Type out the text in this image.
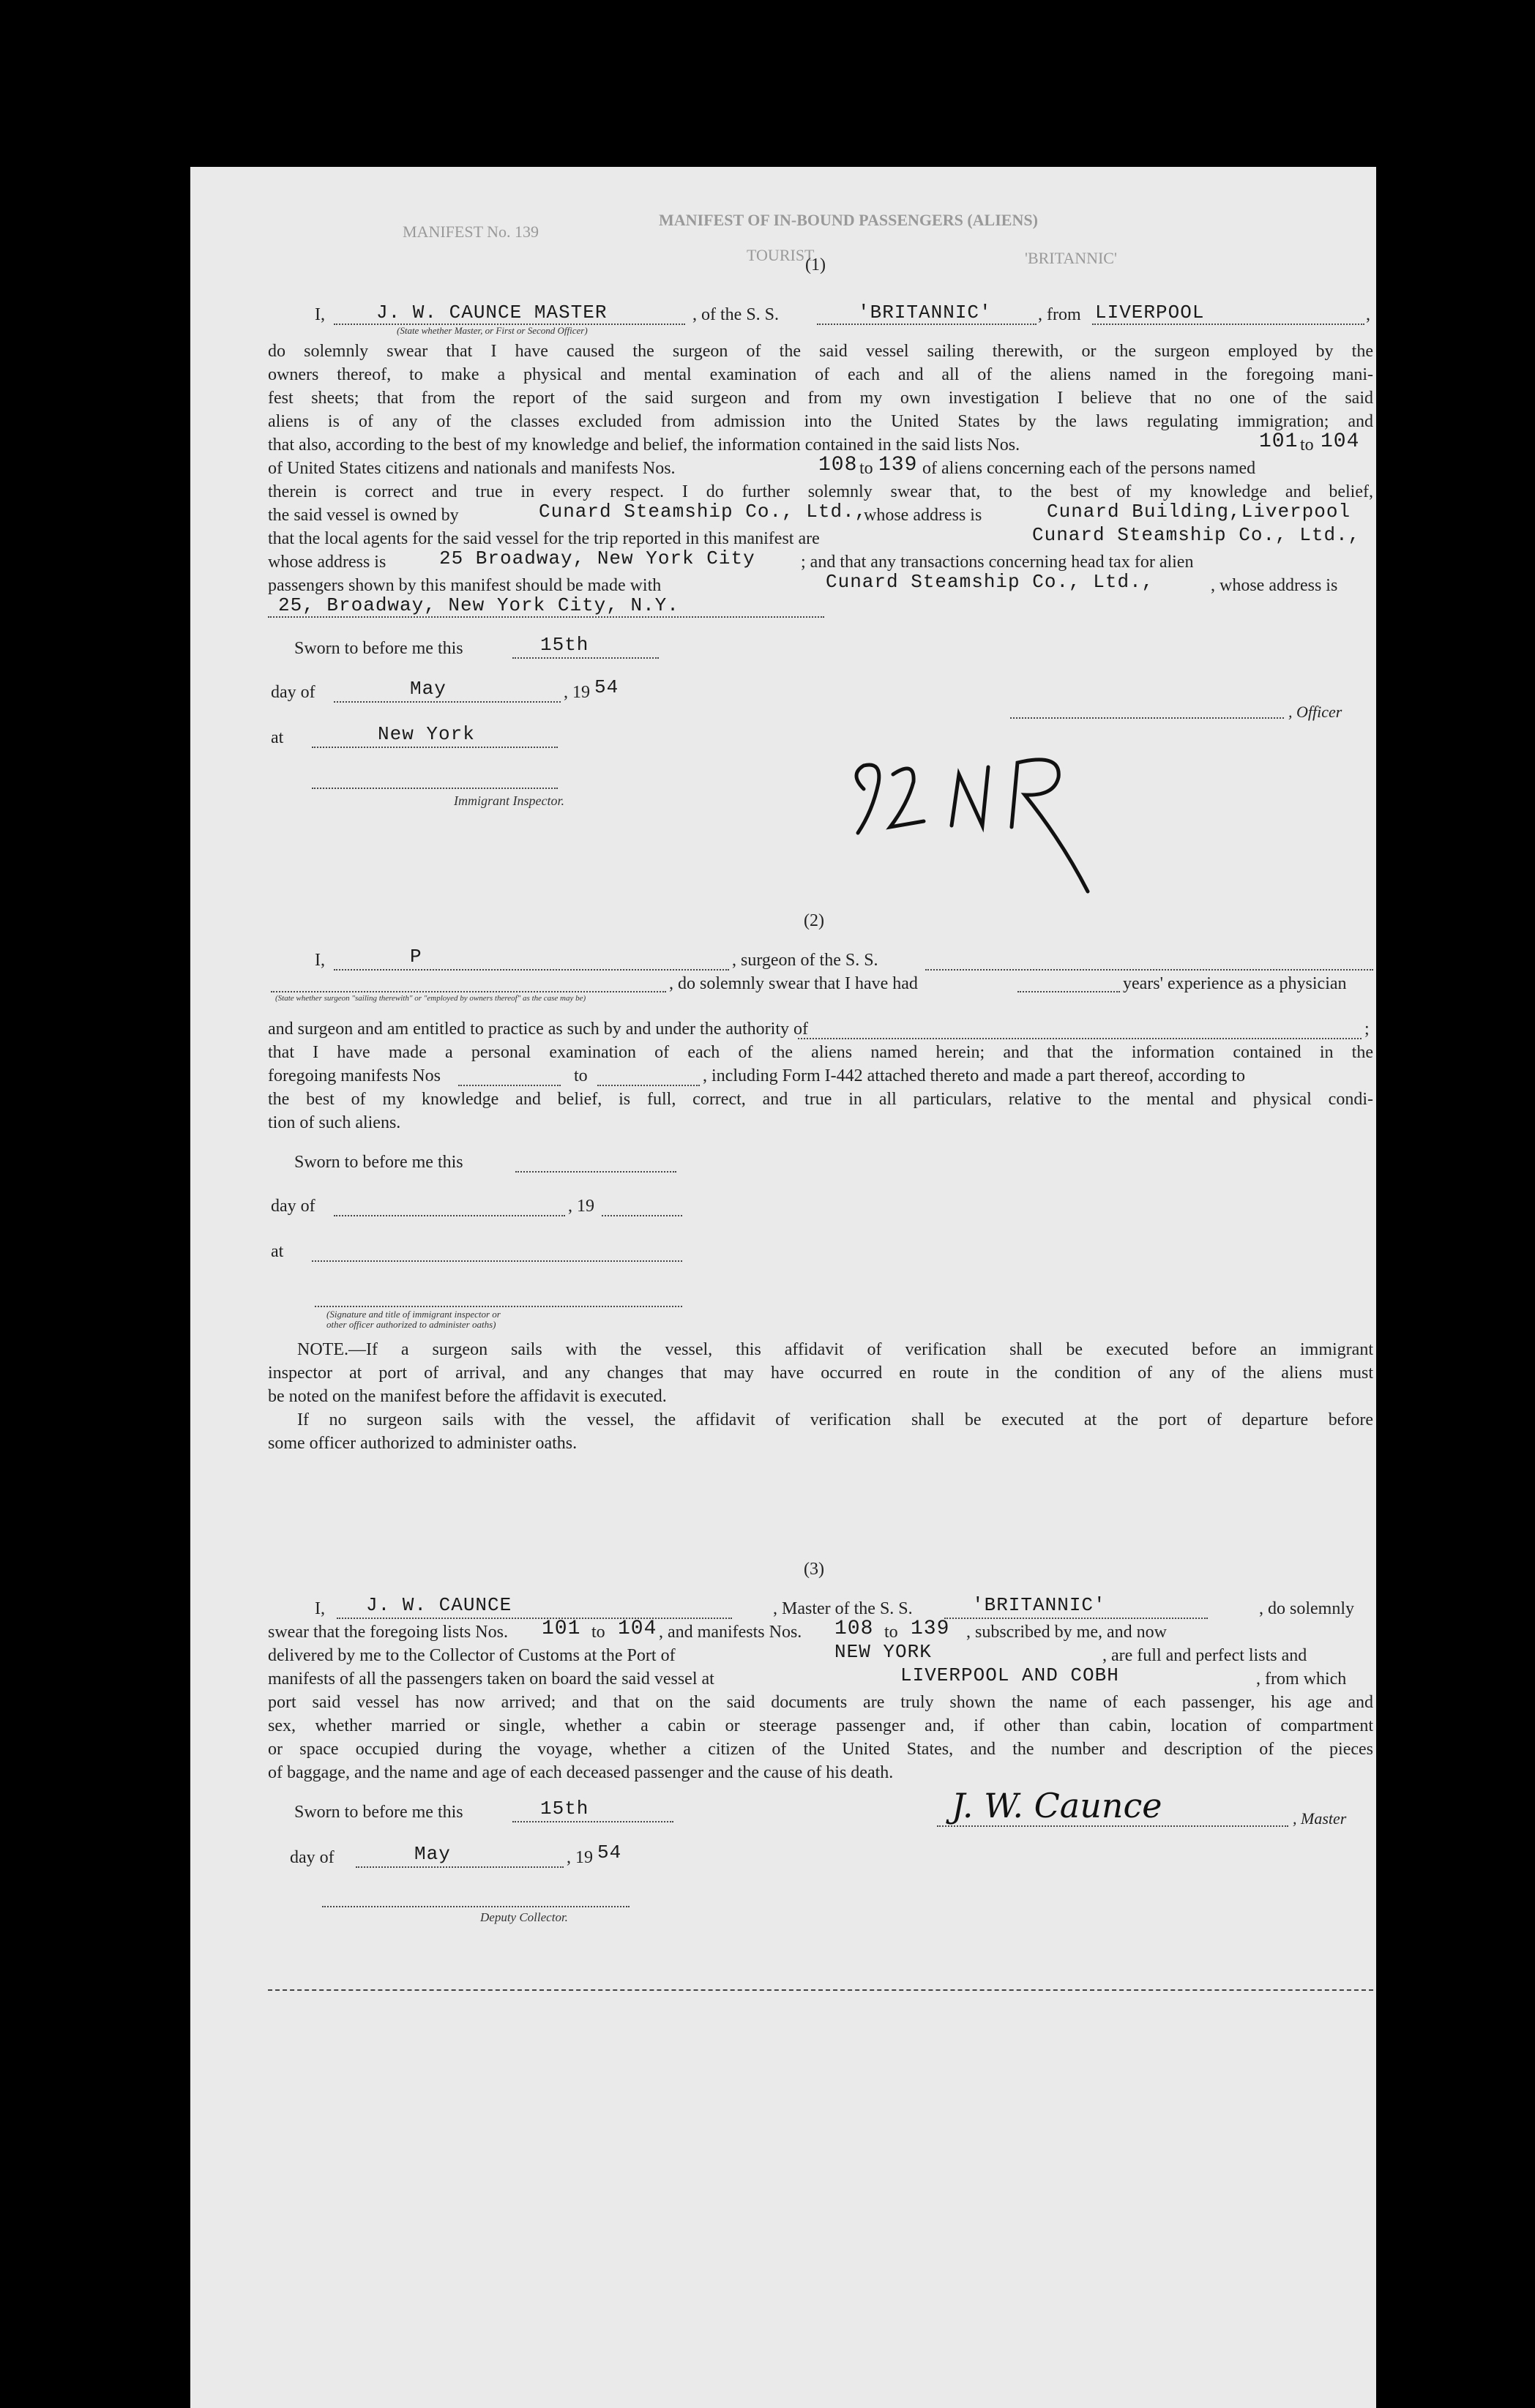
MANIFEST No. 139
MANIFEST OF IN-BOUND PASSENGERS (ALIENS)
TOURIST	'BRITANNIC'
(1)
I,	J. W. CAUNCE MASTER	, of the S. S.	'BRITANNIC'	, from LIVERPOOL	,
(State whether Master, or First or Second Officer)
do solemnly swear that I have caused the surgeon of the said vessel sailing therewith, or the surgeon employed by the
owners thereof, to make a physical and mental examination of each and all of the aliens named in the foregoing mani-
fest sheets; that from the report of the said surgeon and from my own investigation I believe that no one of the said
aliens is of any of the classes excluded from admission into the United States by the laws regulating immigration; and
that also, according to the best of my knowledge and belief, the information contained in the said lists Nos.	101 to 104
of United States citizens and nationals and manifests Nos.	108 to 139 of aliens concerning each of the persons named
therein is correct and true in every respect. I do further solemnly swear that, to the best of my knowledge and belief,
the said vessel is owned by	Cunard Steamship Co., Ltd.,
whose address is	Cunard Building,Liverpool
that the local agents for the said vessel for the trip reported in this manifest are	Cunard Steamship Co., Ltd.,
whose address is	25 Broadway, New York City	; and that any transactions concerning head tax for alien
passengers shown by this manifest should be made with	Cunard Steamship Co., Ltd.,	, whose address is
25, Broadway, New York City, N.Y.
Sworn to before me this	15th
day of	May	, 19 54
, Officer
at	New York
Immigrant Inspector.
(2)
I,	P	, surgeon of the S. S.
, do solemnly swear that I have had	years' experience as a physician
(State whether surgeon "sailing therewith" or "employed by owners thereof" as the case may be)
and surgeon and am entitled to practice as such by and under the authority of	;
that I have made a personal examination of each of the aliens named herein; and that the information contained in the
foregoing manifests Nos	to	, including Form I-442 attached thereto and made a part thereof, according to
the best of my knowledge and belief, is full, correct, and true in all particulars, relative to the mental and physical condi-
tion of such aliens.
Sworn to before me this
day of	, 19
at
(Signature and title of immigrant inspector or
other officer authorized to administer oaths)
NOTE.—If a surgeon sails with the vessel, this affidavit of verification shall be executed before an immigrant
inspector at port of arrival, and any changes that may have occurred en route in the condition of any of the aliens must
be noted on the manifest before the affidavit is executed.
If no surgeon sails with the vessel, the affidavit of verification shall be executed at the port of departure before
some officer authorized to administer oaths.
(3)
I, J. W. CAUNCE	, Master of the S. S.	'BRITANNIC'	, do solemnly
swear that the foregoing lists Nos. 101 to 104 , and manifests Nos. 108 to 139 , subscribed by me, and now
delivered by me to the Collector of Customs at the Port of	NEW YORK	, are full and perfect lists and
manifests of all the passengers taken on board the said vessel at	LIVERPOOL AND COBH	, from which
port said vessel has now arrived; and that on the said documents are truly shown the name of each passenger, his age and
sex, whether married or single, whether a cabin or steerage passenger and, if other than cabin, location of compartment
or space occupied during the voyage, whether a citizen of the United States, and the number and description of the pieces
of baggage, and the name and age of each deceased passenger and the cause of his death.
Sworn to before me this	15th	J. W. Caunce	, Master
day of	May	, 19 54
Deputy Collector.
